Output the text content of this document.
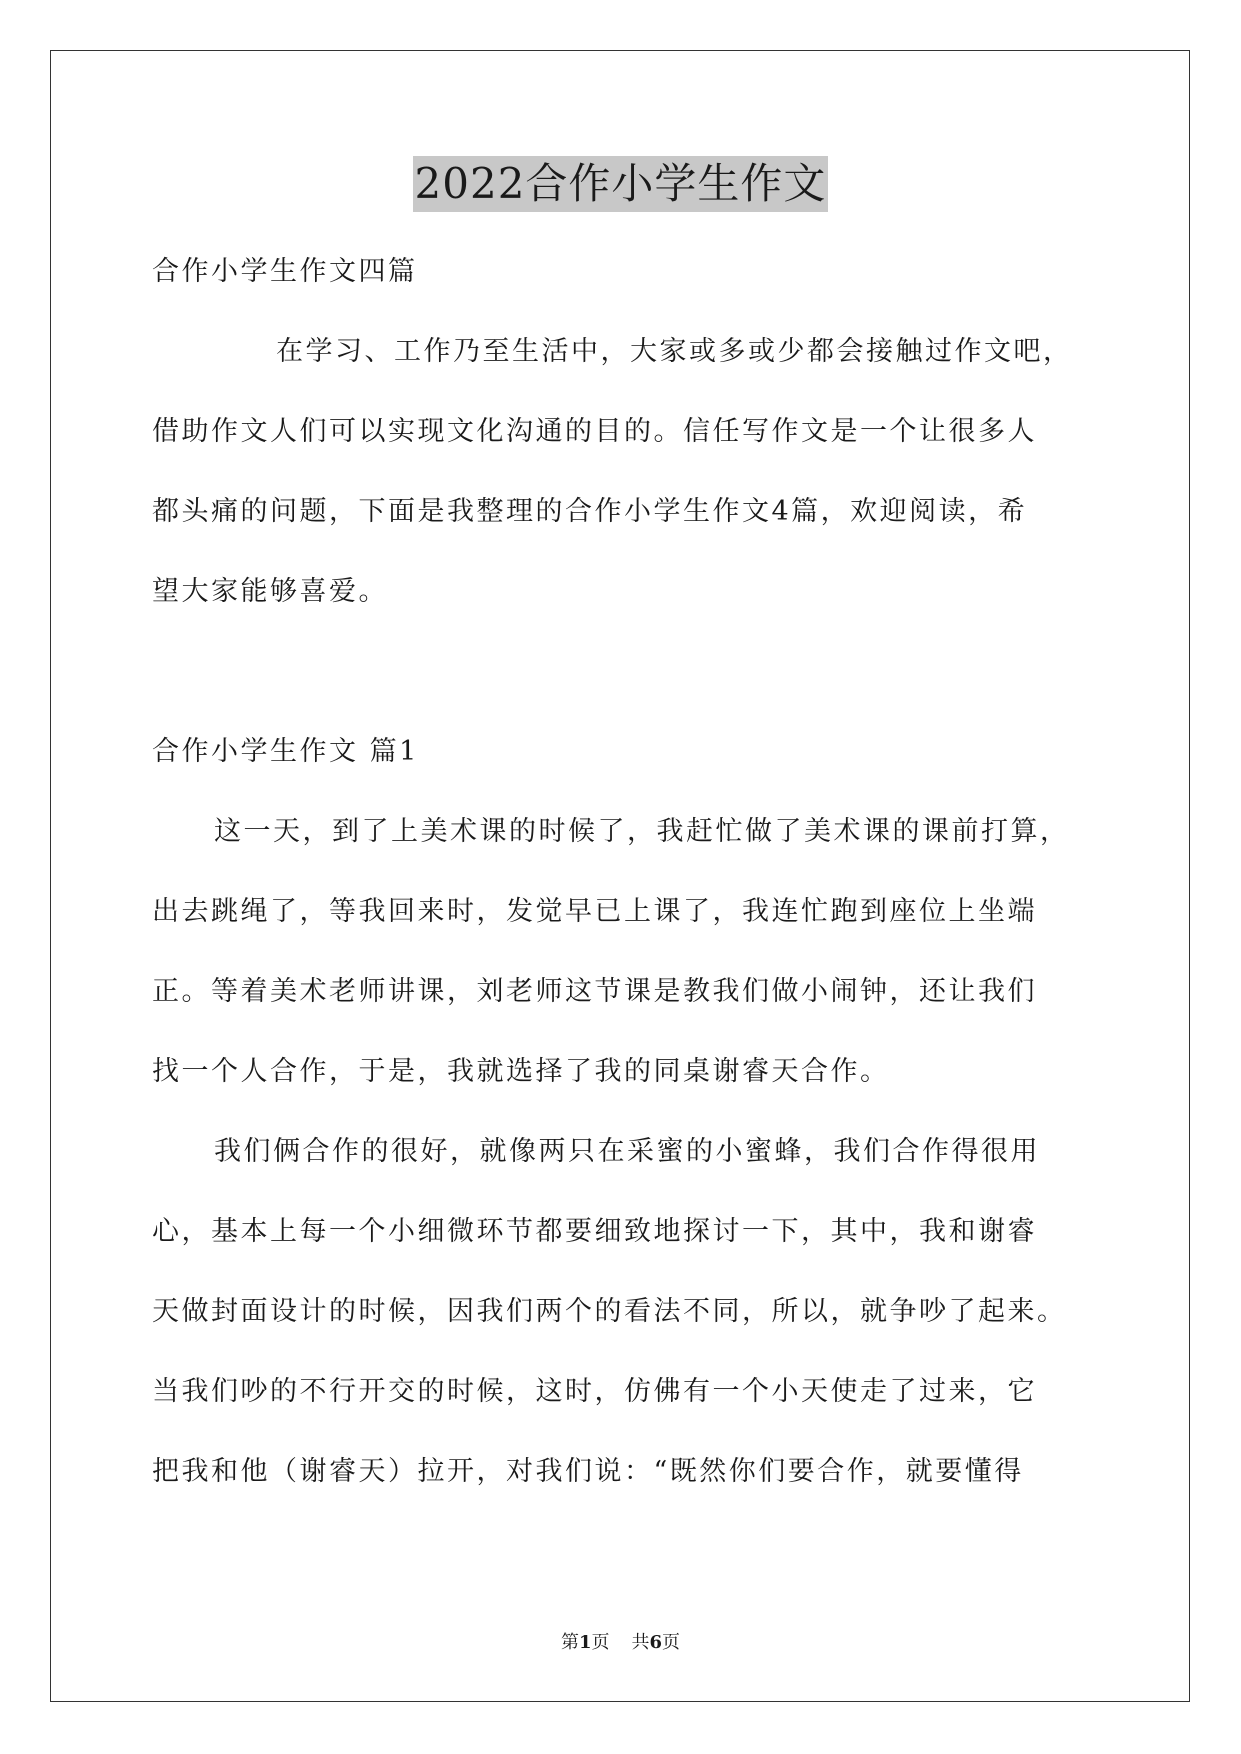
2022合作小学生作文
合作小学生作文四篇
在学习、工作乃至生活中，大家或多或少都会接触过作文吧，
借助作文人们可以实现文化沟通的目的。信任写作文是一个让很多人
都头痛的问题，下面是我整理的合作小学生作文4篇，欢迎阅读，希
望大家能够喜爱。
合作小学生作文 篇1
这一天，到了上美术课的时候了，我赶忙做了美术课的课前打算，
出去跳绳了，等我回来时，发觉早已上课了，我连忙跑到座位上坐端
正。等着美术老师讲课，刘老师这节课是教我们做小闹钟，还让我们
找一个人合作，于是，我就选择了我的同桌谢睿天合作。
我们俩合作的很好，就像两只在采蜜的小蜜蜂，我们合作得很用
心，基本上每一个小细微环节都要细致地探讨一下，其中，我和谢睿
天做封面设计的时候，因我们两个的看法不同，所以，就争吵了起来。
当我们吵的不行开交的时候，这时，仿佛有一个小天使走了过来，它
把我和他（谢睿天）拉开，对我们说：“既然你们要合作，就要懂得
第1页 共6页
